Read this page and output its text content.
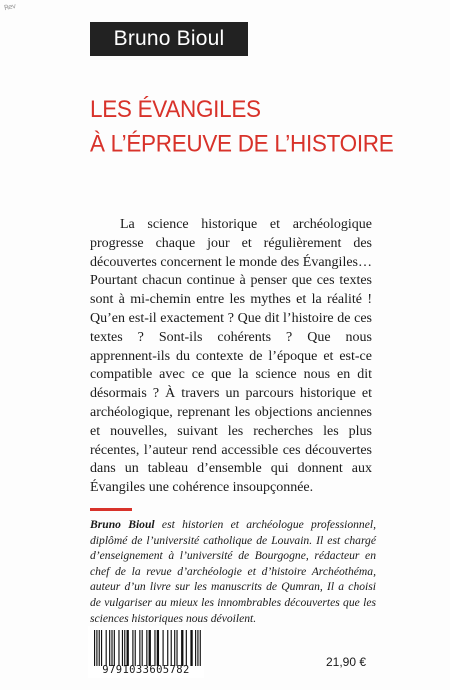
Rev
Bruno Bioul
LES ÉVANGILES
À L’ÉPREUVE DE L’HISTOIRE
La science historique et archéologique progresse chaque jour et régulièrement des découvertes concernent le monde des Évangiles… Pourtant chacun continue à penser que ces textes sont à mi-chemin entre les mythes et la réalité ! Qu’en est-il exactement ? Que dit l’histoire de ces textes ? Sont-ils cohérents ? Que nous apprennent-ils du contexte de l’époque et est-ce compatible avec ce que la science nous en dit désormais ? À travers un parcours historique et archéologique, reprenant les objections anciennes et nouvelles, suivant les recherches les plus récentes, l’auteur rend accessible ces découvertes dans un tableau d’ensemble qui donnent aux Évangiles une cohérence insoupçonnée.
Bruno Bioul est historien et archéologue professionnel, diplômé de l’université catholique de Louvain. Il est chargé d’enseignement à l’université de Bourgogne, rédacteur en chef de la revue d’archéologie et d’histoire Archéothéma, auteur d’un livre sur les manuscrits de Qumran, Il a choisi de vulgariser au mieux les innombrables découvertes que les sciences historiques nous dévoilent.
9791033605782
21,90 €
